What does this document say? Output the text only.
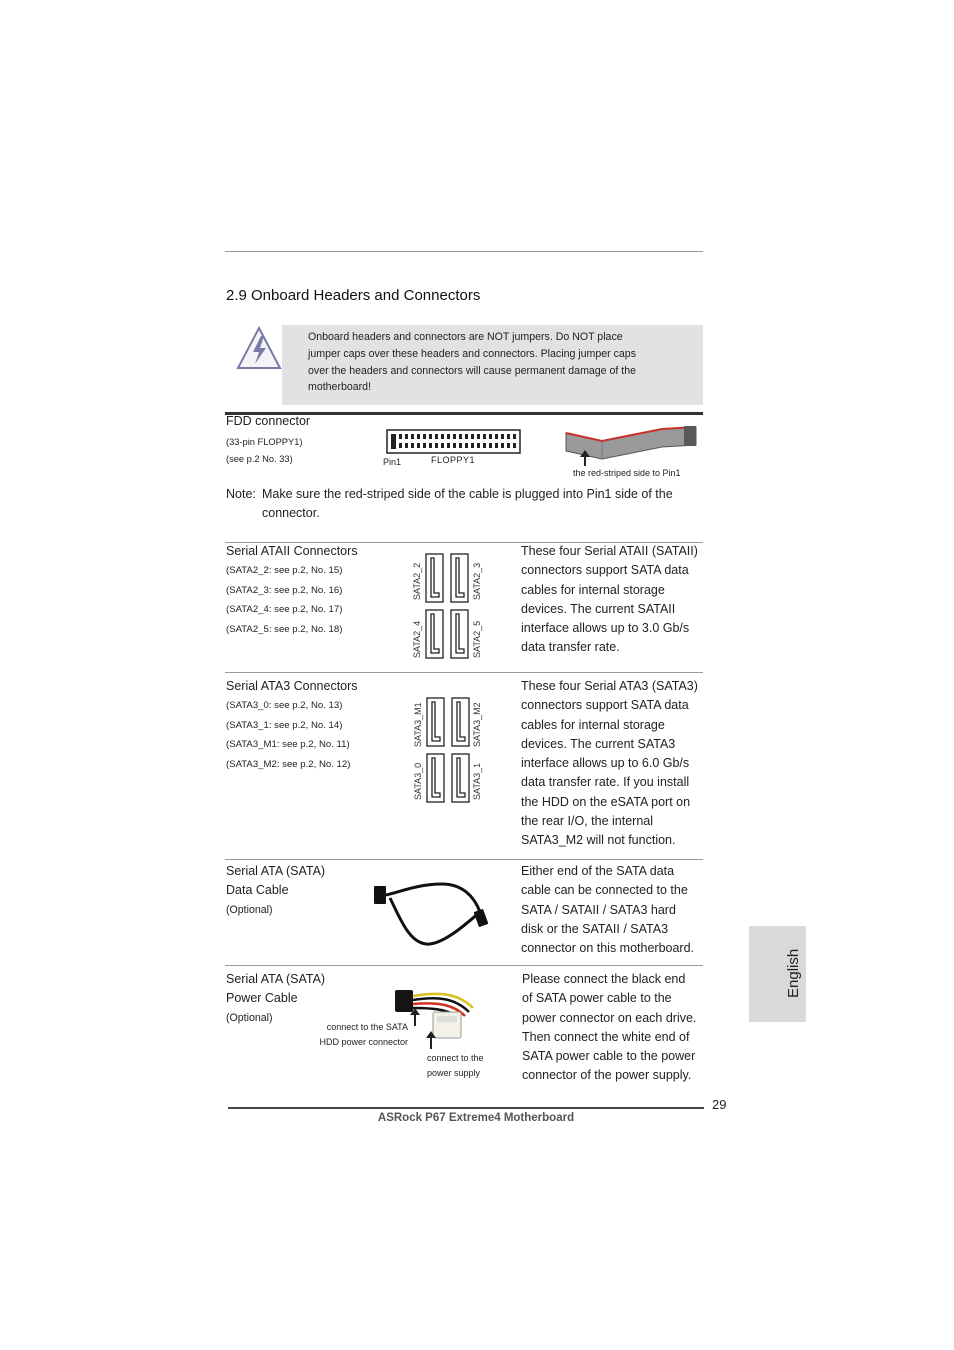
2.9 Onboard Headers and Connectors
Onboard headers and connectors are NOT jumpers. Do NOT place
jumper caps over these headers and connectors. Placing jumper caps
over the headers and connectors will cause permanent damage of the
motherboard!
FDD connector
(33-pin FLOPPY1)
(see p.2 No. 33)	Pin1	FLOPPY1
the red-striped side to Pin1
Note: Make sure the red-striped side of the cable is plugged into Pin1 side of the
connector.
Serial ATAII Connectors
(SATA2_2: see p.2, No. 15)
(SATA2_3: see p.2, No. 16)
(SATA2_4: see p.2, No. 17)
(SATA2_5: see p.2, No. 18)
These four Serial ATAII (SATAII)
connectors support SATA data
cables for internal storage
devices. The current SATAII
interface allows up to 3.0 Gb/s
data transfer rate.
SATA2_2	SATA2_3
SATA2_4	SATA2_5
Serial ATA3 Connectors
(SATA3_0: see p.2, No. 13)
(SATA3_1: see p.2, No. 14)
(SATA3_M1: see p.2, No. 11)
(SATA3_M2: see p.2, No. 12)
These four Serial ATA3 (SATA3)
connectors support SATA data
cables for internal storage
devices. The current SATA3
interface allows up to 6.0 Gb/s
data transfer rate. If you install
the HDD on the eSATA port on
the rear I/O, the internal
SATA3_M2 will not function.
SATA3_M1	SATA3_M2
SATA3_0	SATA3_1
Serial ATA (SATA)
Data Cable
(Optional)
Either end of the SATA data
cable can be connected to the
SATA / SATAII / SATA3 hard
disk or the SATAII / SATA3
connector on this motherboard.
Serial ATA (SATA)
Power Cable
(Optional)
Please connect the black end
of SATA power cable to the
power connector on each drive.
Then connect the white end of
SATA power cable to the power
connector of the power supply.
connect to the SATA
HDD power connector
connect to the
power supply
English
29
ASRock P67 Extreme4 Motherboard
